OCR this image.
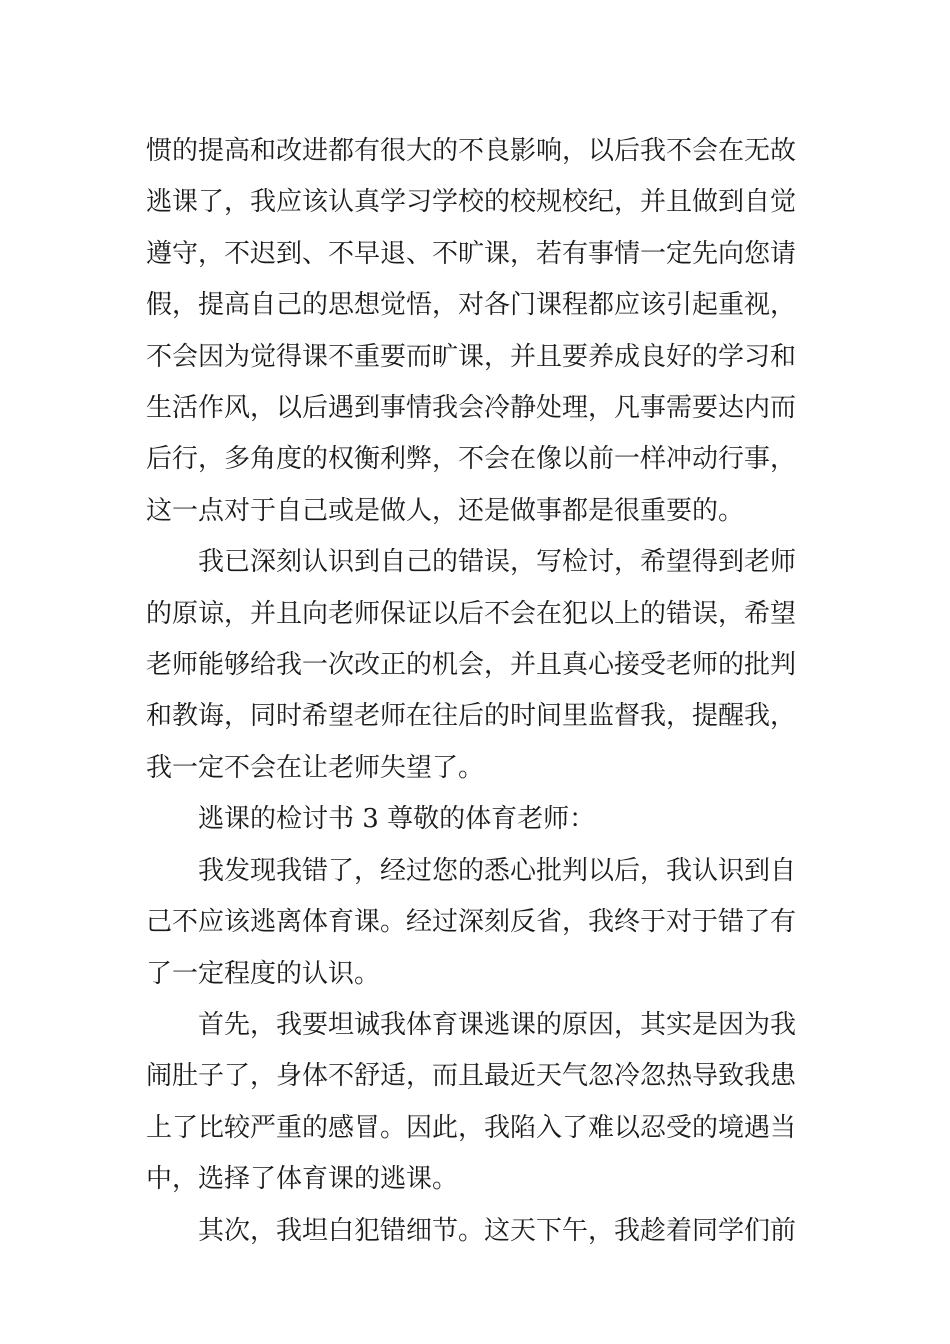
惯的提高和改进都有很大的不良影响，以后我不会在无故
逃课了，我应该认真学习学校的校规校纪，并且做到自觉
遵守，不迟到、不早退、不旷课，若有事情一定先向您请
假，提高自己的思想觉悟，对各门课程都应该引起重视，
不会因为觉得课不重要而旷课，并且要养成良好的学习和
生活作风，以后遇到事情我会冷静处理，凡事需要达内而
后行，多角度的权衡利弊，不会在像以前一样冲动行事，
这一点对于自己或是做人，还是做事都是很重要的。

我已深刻认识到自己的错误，写检讨，希望得到老师
的原谅，并且向老师保证以后不会在犯以上的错误，希望
老师能够给我一次改正的机会，并且真心接受老师的批判
和教诲，同时希望老师在往后的时间里监督我，提醒我，
我一定不会在让老师失望了。

逃课的检讨书 3 尊敬的体育老师：

我发现我错了，经过您的悉心批判以后，我认识到自
己不应该逃离体育课。经过深刻反省，我终于对于错了有
了一定程度的认识。

首先，我要坦诚我体育课逃课的原因，其实是因为我
闹肚子了，身体不舒适，而且最近天气忽冷忽热导致我患
上了比较严重的感冒。因此，我陷入了难以忍受的境遇当
中，选择了体育课的逃课。

其次，我坦白犯错细节。这天下午，我趁着同学们前
